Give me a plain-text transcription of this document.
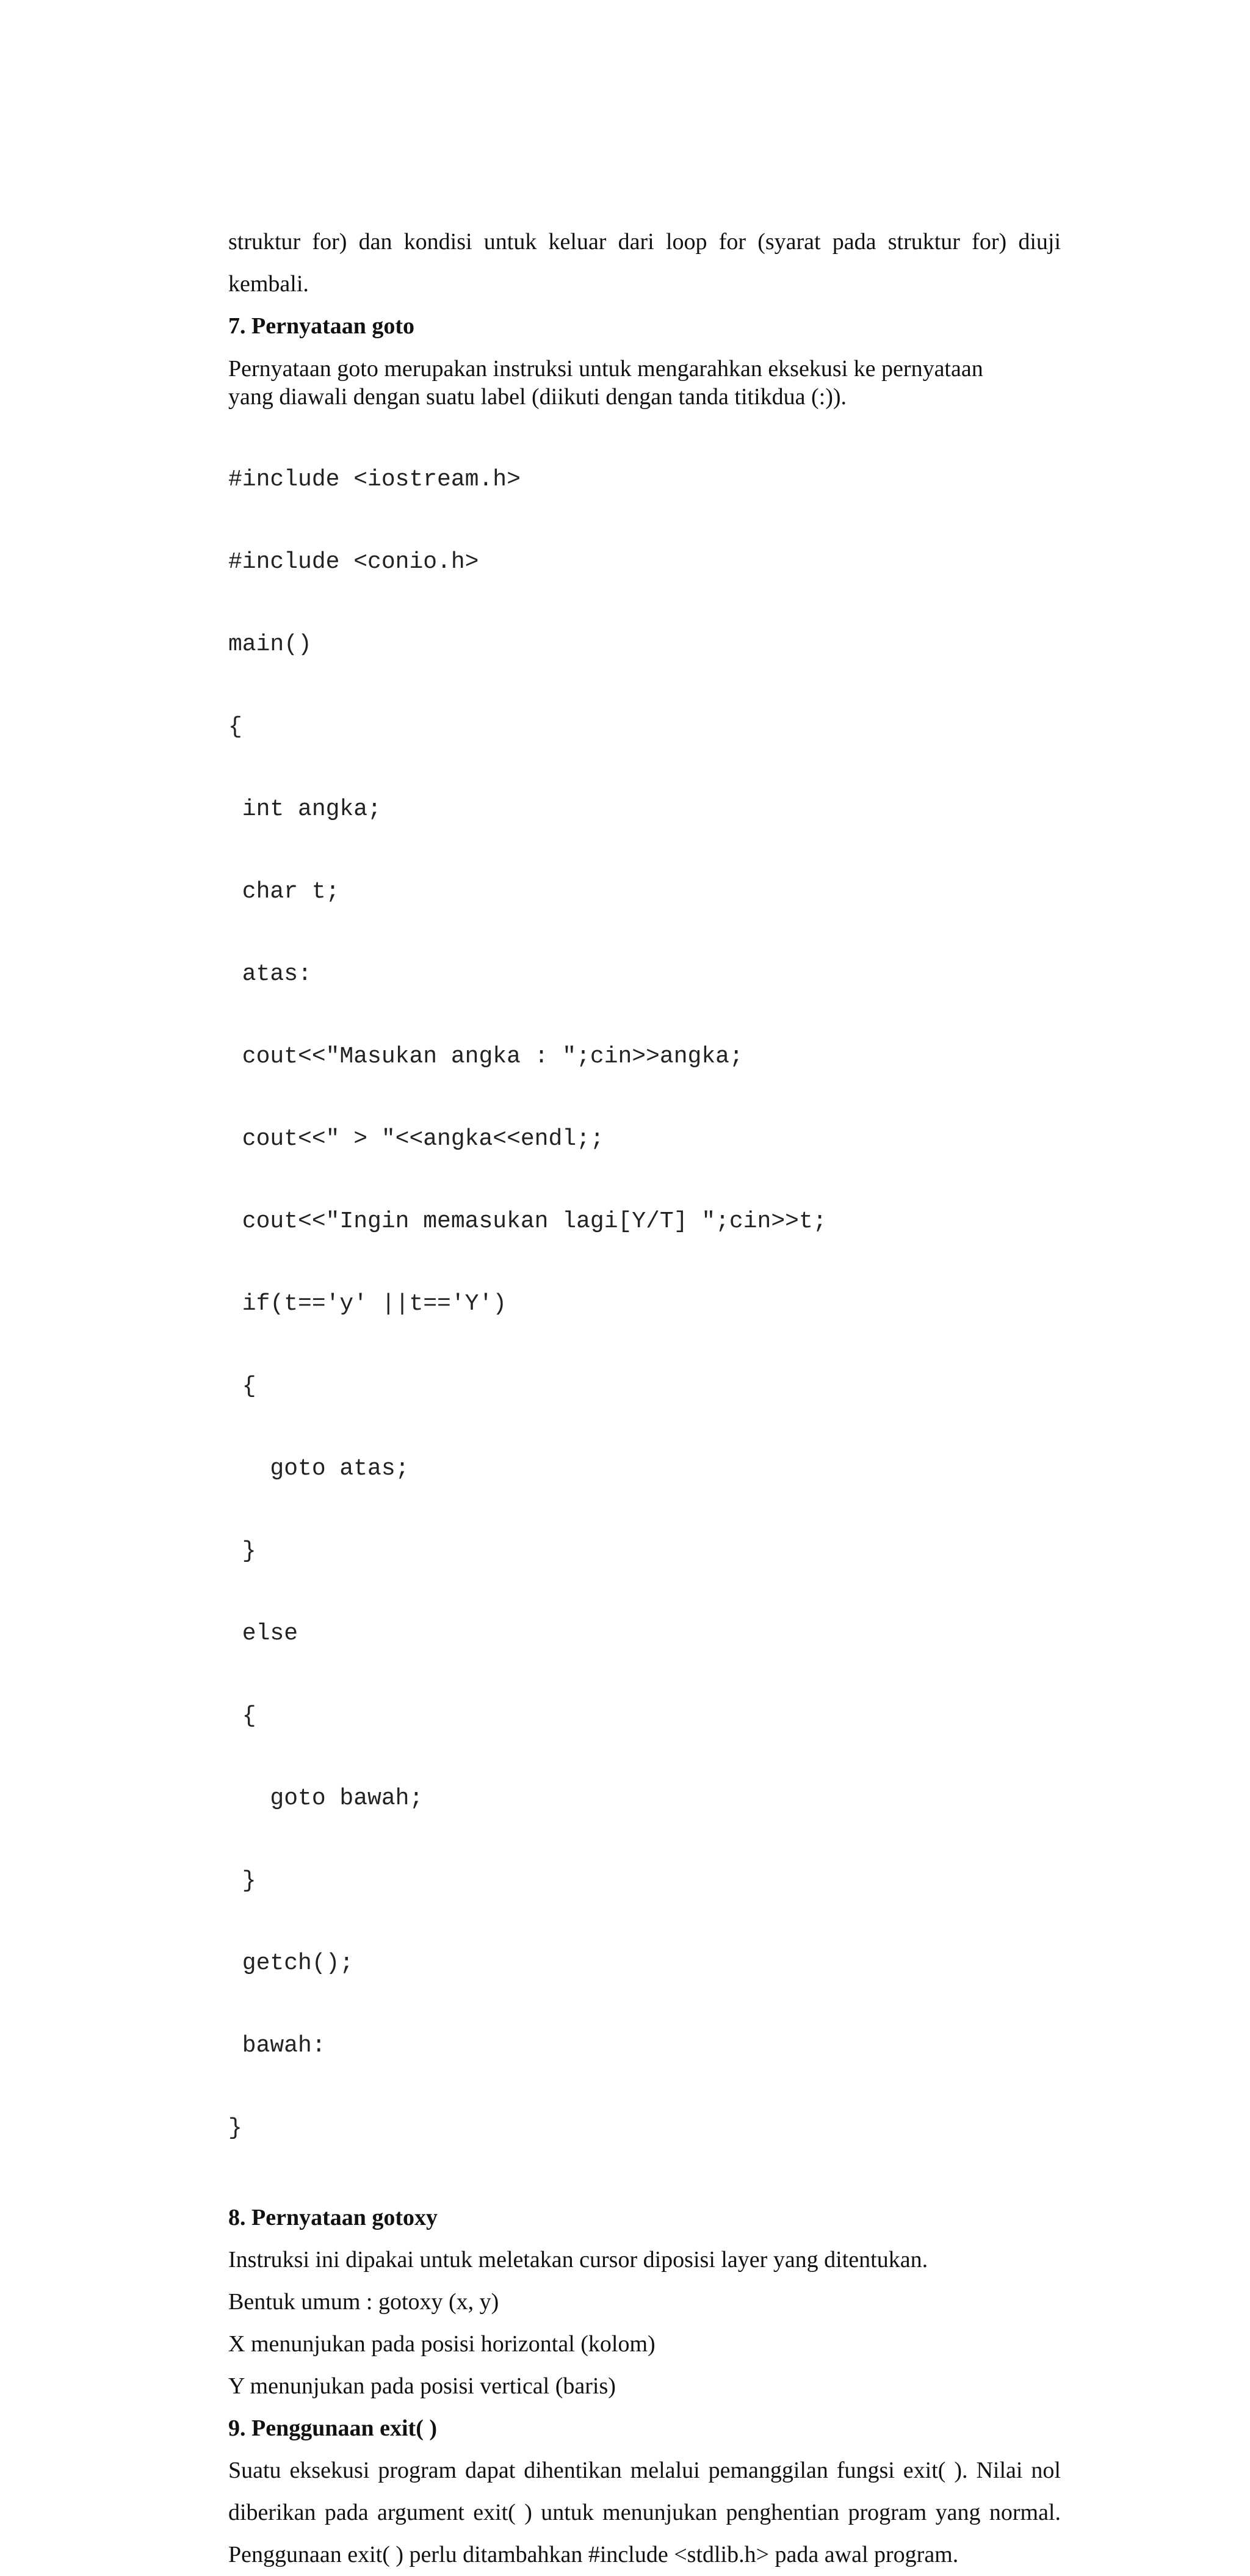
struktur for) dan kondisi untuk keluar dari loop for (syarat pada struktur for) diuji kembali.

7. Pernyataan goto

Pernyataan goto merupakan instruksi untuk mengarahkan eksekusi ke pernyataan
yang diawali dengan suatu label (diikuti dengan tanda titikdua (:)).

#include <iostream.h>

#include <conio.h>

main()

{

int angka;

char t;

atas:

cout<<"Masukan angka : ";cin>>angka;

cout<<" > "<<angka<<endl;;

cout<<"Ingin memasukan lagi[Y/T] ";cin>>t;

if(t=='y' ||t=='Y')

{

goto atas;

}

else

{

goto bawah;

}

getch();

bawah:

}

8. Pernyataan gotoxy

Instruksi ini dipakai untuk meletakan cursor diposisi layer yang ditentukan.

Bentuk umum : gotoxy (x, y)

X menunjukan pada posisi horizontal (kolom)

Y menunjukan pada posisi vertical (baris)

9. Penggunaan exit( )

Suatu eksekusi program dapat dihentikan melalui pemanggilan fungsi exit( ). Nilai nol diberikan pada argument exit( ) untuk menunjukan penghentian program yang normal. Penggunaan exit( ) perlu ditambahkan #include <stdlib.h> pada awal program.
